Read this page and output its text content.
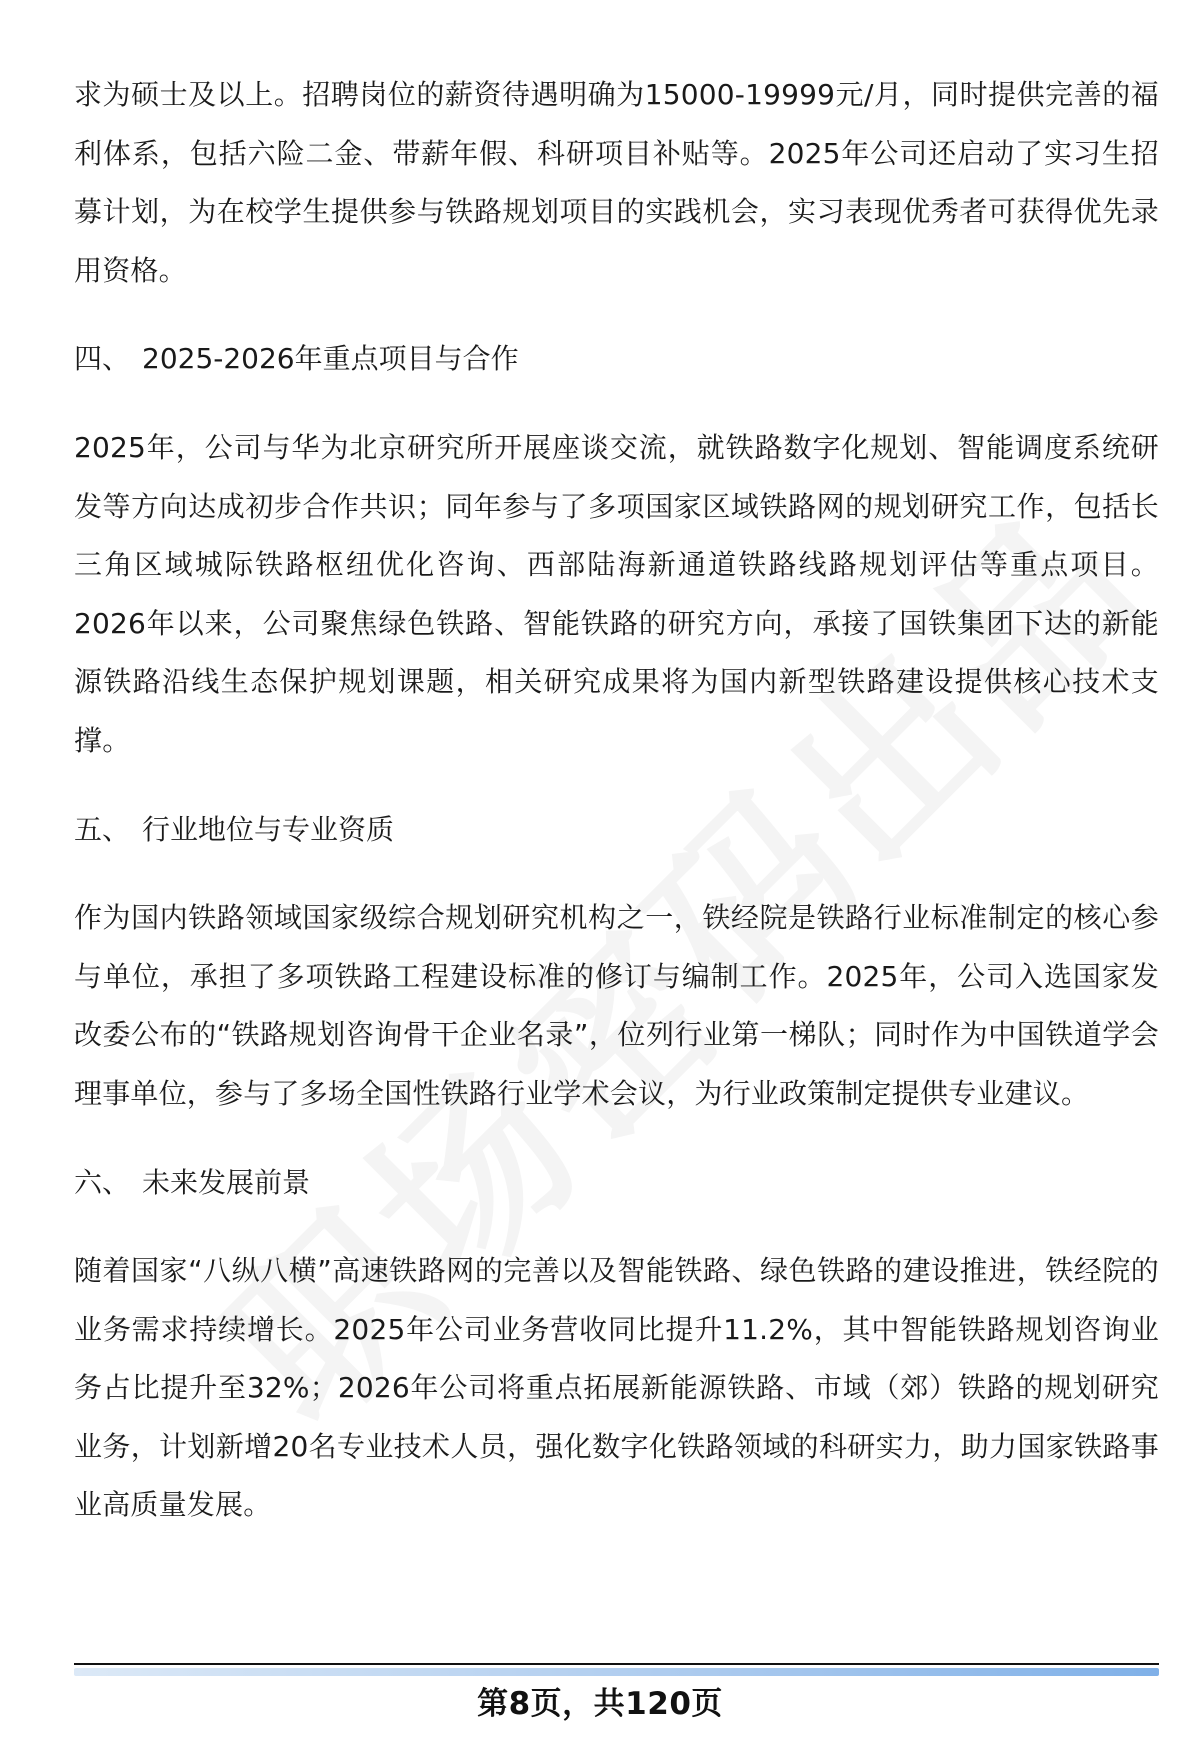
求为硕士及以上。招聘岗位的薪资待遇明确为15000-19999元/月，同时提供完善的福利体系，包括六险二金、带薪年假、科研项目补贴等。2025年公司还启动了实习生招募计划，为在校学生提供参与铁路规划项目的实践机会，实习表现优秀者可获得优先录用资格。

四、 2025-2026年重点项目与合作

2025年，公司与华为北京研究所开展座谈交流，就铁路数字化规划、智能调度系统研发等方向达成初步合作共识；同年参与了多项国家区域铁路网的规划研究工作，包括长三角区域城际铁路枢纽优化咨询、西部陆海新通道铁路线路规划评估等重点项目。2026年以来，公司聚焦绿色铁路、智能铁路的研究方向，承接了国铁集团下达的新能源铁路沿线生态保护规划课题，相关研究成果将为国内新型铁路建设提供核心技术支撑。

五、 行业地位与专业资质

作为国内铁路领域国家级综合规划研究机构之一，铁经院是铁路行业标准制定的核心参与单位，承担了多项铁路工程建设标准的修订与编制工作。2025年，公司入选国家发改委公布的“铁路规划咨询骨干企业名录”，位列行业第一梯队；同时作为中国铁道学会理事单位，参与了多场全国性铁路行业学术会议，为行业政策制定提供专业建议。

六、 未来发展前景

随着国家“八纵八横”高速铁路网的完善以及智能铁路、绿色铁路的建设推进，铁经院的业务需求持续增长。2025年公司业务营收同比提升11.2%，其中智能铁路规划咨询业务占比提升至32%；2026年公司将重点拓展新能源铁路、市域（郊）铁路的规划研究业务，计划新增20名专业技术人员，强化数字化铁路领域的科研实力，助力国家铁路事业高质量发展。

第8页，共120页
